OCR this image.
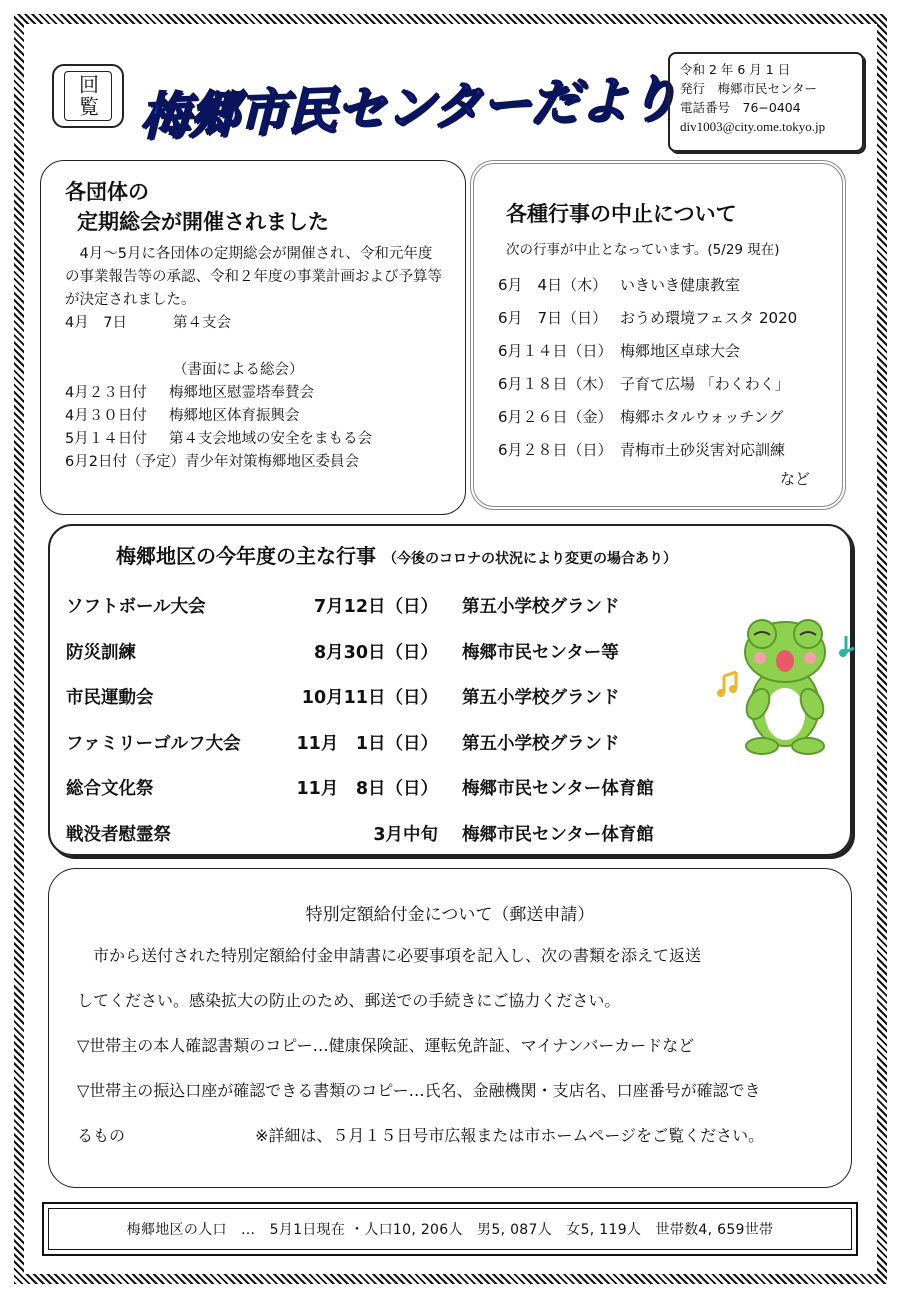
回覧 梅郷市民センターだより 令和 2 年 6 月 1 日
発行　梅郷市民センター
電話番号　76−0404
div1003@city.ome.tokyo.jp
各団体の
定期総会が開催されました

4月〜5月に各団体の定期総会が開催され、令和元年度の事業報告等の承認、令和２年度の事業計画および予算等が決定されました。

4月　7日	第４支会
（書面による総会）
4月２３日付	梅郷地区慰霊塔奉賛会
4月３０日付	梅郷地区体育振興会
5月１４日付	第４支会地域の安全をまもる会
6月2日付（予定） 青少年対策梅郷地区委員会
各種行事の中止について
次の行事が中止となっています。(5/29 現在)
6月　4日（木） いきいき健康教室
6月　7日（日） おうめ環境フェスタ 2020
6月１４日（日） 梅郷地区卓球大会
6月１８日（木） 子育て広場 「わくわく」
6月２６日（金） 梅郷ホタルウォッチング
6月２８日（日） 青梅市土砂災害対応訓練
など
梅郷地区の今年度の主な行事 （今後のコロナの状況により変更の場合あり）
ソフトボール大会	7月12日（日）	第五小学校グランド
防災訓練	8月30日（日）	梅郷市民センター等
市民運動会	10月11日（日）	第五小学校グランド
ファミリーゴルフ大会	11月　1日（日）	第五小学校グランド
総合文化祭	11月　8日（日）	梅郷市民センター体育館
戦没者慰霊祭	3月中旬	梅郷市民センター体育館
特別定額給付金について（郵送申請）

市から送付された特別定額給付金申請書に必要事項を記入し、次の書類を添えて返送

してください。感染拡大の防止のため、郵送での手続きにご協力ください。

▽世帯主の本人確認書類のコピー…健康保険証、運転免許証、マイナンバーカードなど

▽世帯主の振込口座が確認できる書類のコピー…氏名、金融機関・支店名、口座番号が確認でき

るもの	※詳細は、５月１５日号市広報または市ホームページをご覧ください。

梅郷地区の人口　…　5月1日現在 ・人口10, 206人　男5, 087人　女5, 119人　世帯数4, 659世帯
